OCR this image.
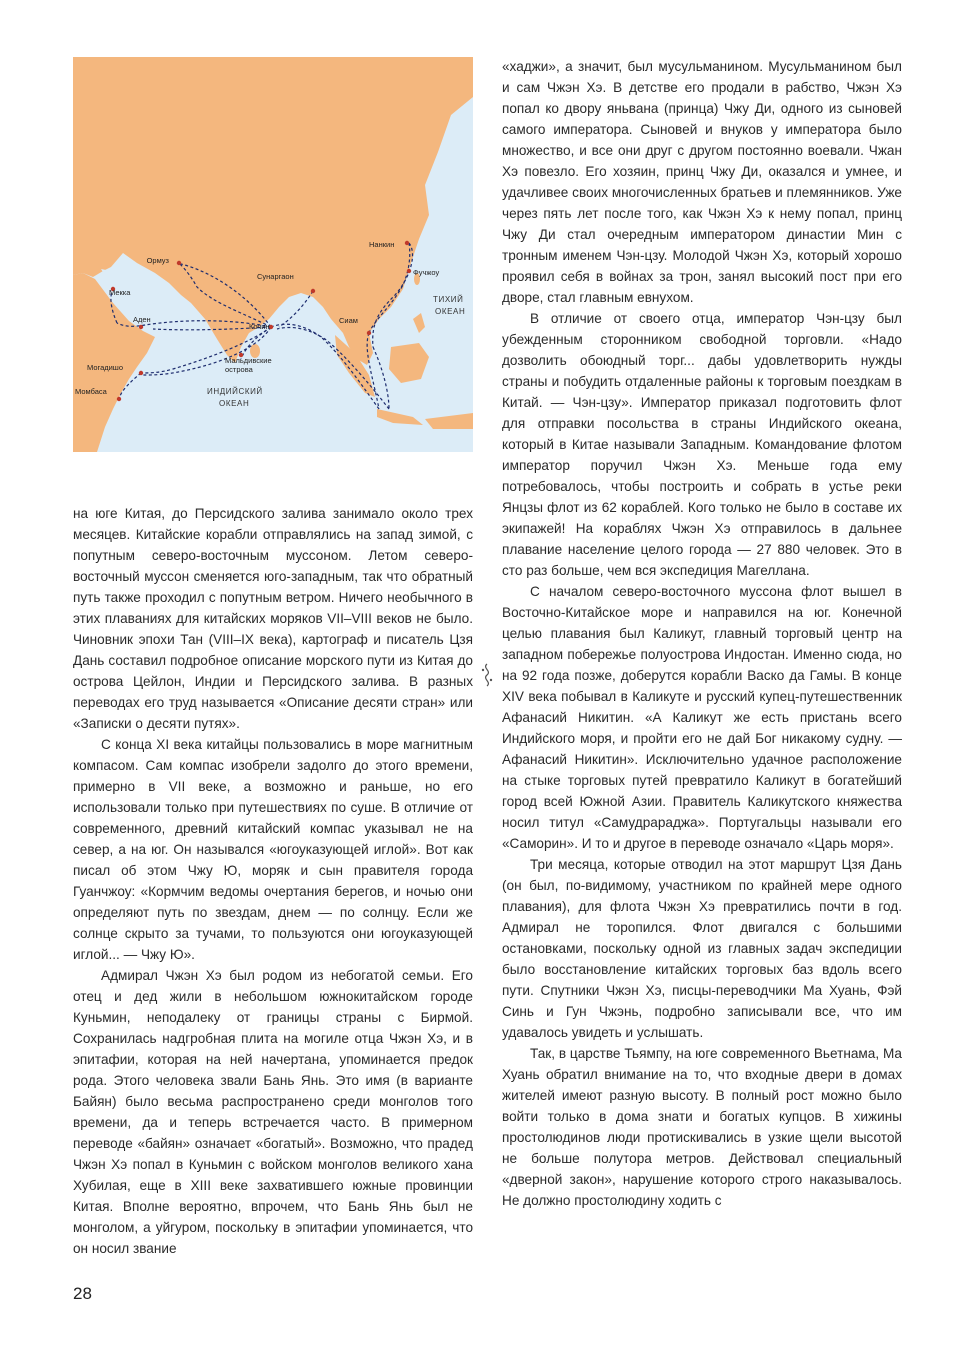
Ормуз
Мекка
Аден
Могадишо
Момбаса
Кочин
Мальдивские
острова
Сунаргаон
Сиам
Нанкин
Фучжоу
ТИХИЙ
ОКЕАН
ИНДИЙСКИЙ
ОКЕАН

на юге Китая, до Персидского залива занимало около трех месяцев. Китайские корабли отправлялись на запад зимой, с попутным северо-восточным муссоном. Летом северо-восточный муссон сменяется юго-западным, так что обратный путь также проходил с попутным ветром. Ничего необычного в этих плаваниях для китайских моряков VII–VIII веков не было. Чиновник эпохи Тан (VIII–IX века), картограф и писатель Цзя Дань составил подробное описание морского пути из Китая до острова Цейлон, Индии и Персидского залива. В разных переводах его труд называется «Описание десяти стран» или «Записки о десяти путях».

С конца XI века китайцы пользовались в море магнитным компасом. Сам компас изобрели задолго до этого времени, примерно в VII веке, а возможно и раньше, но его использовали только при путешествиях по суше. В отличие от современного, древний китайский компас указывал не на север, а на юг. Он назывался «югоуказующей иглой». Вот как писал об этом Чжу Ю, моряк и сын правителя города Гуанчжоу: «Кормчим ведомы очертания берегов, и ночью они определяют путь по звездам, днем — по солнцу. Если же солнце скрыто за тучами, то пользуются они югоуказующей иглой... — Чжу Ю».

Адмирал Чжэн Хэ был родом из небогатой семьи. Его отец и дед жили в небольшом южнокитайском городе Куньмин, неподалеку от границы страны с Бирмой. Сохранилась надгробная плита на могиле отца Чжэн Хэ, и в эпитафии, которая на ней начертана, упоминается предок рода. Этого человека звали Бань Янь. Это имя (в варианте Байян) было весьма распространено среди монголов того времени, да и теперь встречается часто. В примерном переводе «байян» означает «богатый». Возможно, что прадед Чжэн Хэ попал в Куньмин с войском монголов великого хана Хубилая, еще в XIII веке захватившего южные провинции Китая. Вполне вероятно, впрочем, что Бань Янь был не монголом, а уйгуром, поскольку в эпитафии упоминается, что он носил звание

«хаджи», а значит, был мусульманином. Мусульманином был и сам Чжэн Хэ. В детстве его продали в рабство, Чжэн Хэ попал ко двору яньвана (принца) Чжу Ди, одного из сыновей самого императора. Сыновей и внуков у императора было множество, и все они друг с другом постоянно воевали. Чжан Хэ повезло. Его хозяин, принц Чжу Ди, оказался и умнее, и удачливее своих многочисленных братьев и племянников. Уже через пять лет после того, как Чжэн Хэ к нему попал, принц Чжу Ди стал очередным императором династии Мин с тронным именем Чэн-цзу. Молодой Чжэн Хэ, который хорошо проявил себя в войнах за трон, занял высокий пост при его дворе, стал главным евнухом.

В отличие от своего отца, император Чэн-цзу был убежденным сторонником свободной торговли. «Надо дозволить обоюдный торг... дабы удовлетворить нужды страны и побудить отдаленные районы к торговым поездкам в Китай. — Чэн-цзу». Император приказал подготовить флот для отправки посольства в страны Индийского океана, который в Китае называли Западным. Командование флотом император поручил Чжэн Хэ. Меньше года ему потребовалось, чтобы построить и собрать в устье реки Янцзы флот из 62 кораблей. Кого только не было в составе их экипажей! На кораблях Чжэн Хэ отправилось в дальнее плавание население целого города — 27 880 человек. Это в сто раз больше, чем вся экспедиция Магеллана.

С началом северо-восточного муссона флот вышел в Восточно-Китайское море и направился на юг. Конечной целью плавания был Каликут, главный торговый центр на западном побережье полуострова Индостан. Именно сюда, но на 92 года позже, доберутся корабли Васко да Гамы. В конце XIV века побывал в Каликуте и русский купец-путешественник Афанасий Никитин. «А Каликут же есть пристань всего Индийского моря, и пройти его не дай Бог никакому судну. — Афанасий Никитин». Исключительно удачное расположение на стыке торговых путей превратило Каликут в богатейший город всей Южной Азии. Правитель Каликутского княжества носил титул «Самудрараджа». Португальцы называли его «Саморин». И то и другое в переводе означало «Царь моря».

Три месяца, которые отводил на этот маршрут Цзя Дань (он был, по-видимому, участником по крайней мере одного плавания), для флота Чжэн Хэ превратились почти в год. Адмирал не торопился. Флот двигался с большими остановками, поскольку одной из главных задач экспедиции было восстановление китайских торговых баз вдоль всего пути. Спутники Чжэн Хэ, писцы-переводчики Ма Хуань, Фэй Синь и Гун Чжэнь, подробно записывали все, что им удавалось увидеть и услышать.

Так, в царстве Тьямпу, на юге современного Вьетнама, Ма Хуань обратил внимание на то, что входные двери в домах жителей имеют разную высоту. В полный рост можно было войти только в дома знати и богатых купцов. В хижины простолюдинов люди протискивались в узкие щели высотой не больше полутора метров. Действовал специальный «дверной закон», нарушение которого строго наказывалось. Не должно простолюдину ходить с

28
